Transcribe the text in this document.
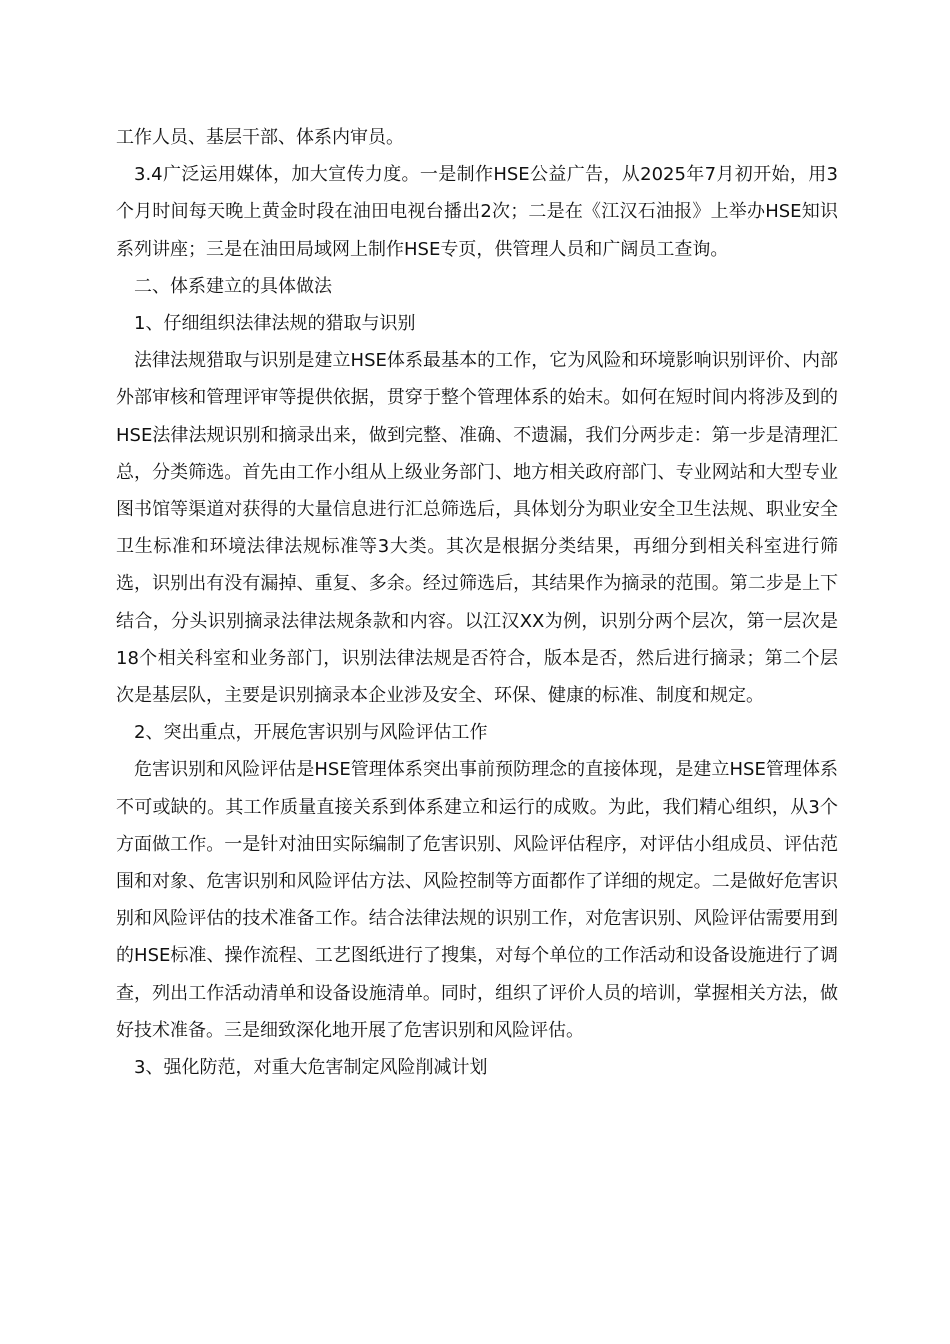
工作人员、基层干部、体系内审员。

3.4广泛运用媒体，加大宣传力度。一是制作HSE公益广告，从2025年7月初开始，用3个月时间每天晚上黄金时段在油田电视台播出2次；二是在《江汉石油报》上举办HSE知识系列讲座；三是在油田局域网上制作HSE专页，供管理人员和广阔员工查询。

二、体系建立的具体做法

1、仔细组织法律法规的猎取与识别

法律法规猎取与识别是建立HSE体系最基本的工作，它为风险和环境影响识别评价、内部外部审核和管理评审等提供依据，贯穿于整个管理体系的始末。如何在短时间内将涉及到的HSE法律法规识别和摘录出来，做到完整、准确、不遗漏，我们分两步走：第一步是清理汇总，分类筛选。首先由工作小组从上级业务部门、地方相关政府部门、专业网站和大型专业图书馆等渠道对获得的大量信息进行汇总筛选后，具体划分为职业安全卫生法规、职业安全卫生标准和环境法律法规标准等3大类。其次是根据分类结果，再细分到相关科室进行筛选，识别出有没有漏掉、重复、多余。经过筛选后，其结果作为摘录的范围。第二步是上下结合，分头识别摘录法律法规条款和内容。以江汉XX为例，识别分两个层次，第一层次是18个相关科室和业务部门，识别法律法规是否符合，版本是否，然后进行摘录；第二个层次是基层队，主要是识别摘录本企业涉及安全、环保、健康的标准、制度和规定。

2、突出重点，开展危害识别与风险评估工作

危害识别和风险评估是HSE管理体系突出事前预防理念的直接体现，是建立HSE管理体系不可或缺的。其工作质量直接关系到体系建立和运行的成败。为此，我们精心组织，从3个方面做工作。一是针对油田实际编制了危害识别、风险评估程序，对评估小组成员、评估范围和对象、危害识别和风险评估方法、风险控制等方面都作了详细的规定。二是做好危害识别和风险评估的技术准备工作。结合法律法规的识别工作，对危害识别、风险评估需要用到的HSE标准、操作流程、工艺图纸进行了搜集，对每个单位的工作活动和设备设施进行了调查，列出工作活动清单和设备设施清单。同时，组织了评价人员的培训，掌握相关方法，做好技术准备。三是细致深化地开展了危害识别和风险评估。

3、强化防范，对重大危害制定风险削减计划
